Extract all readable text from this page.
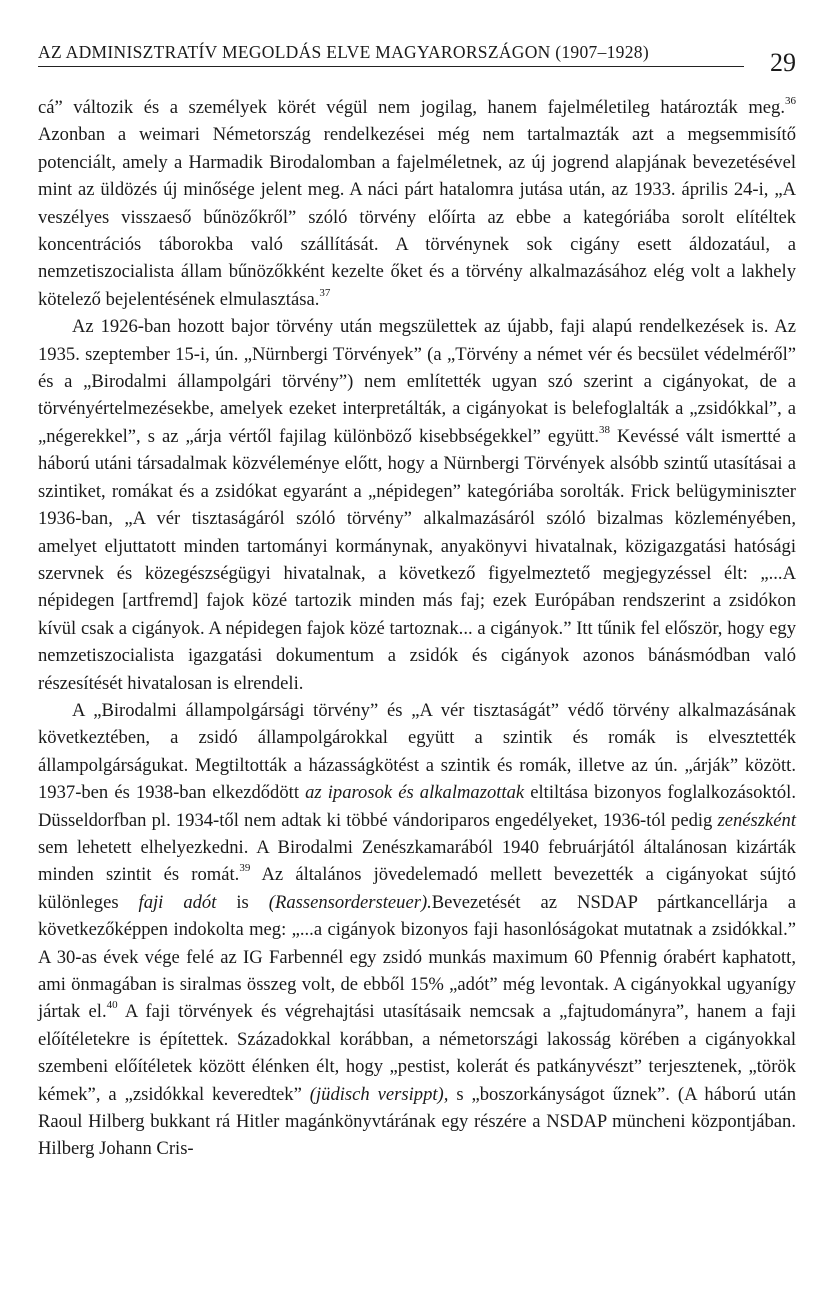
AZ ADMINISZTRATÍV MEGOLDÁS ELVE MAGYARORSZÁGON (1907–1928)	29

cá” változik és a személyek körét végül nem jogilag, hanem fajelméletileg határozták meg.$^{36}$ Azonban a weimari Németország rendelkezései még nem tartalmazták azt a megsemmisítő potenciált, amely a Harmadik Birodalomban a fajelméletnek, az új jogrend alapjának bevezetésével mint az üldözés új minősége jelent meg. A náci párt hatalomra jutása után, az 1933. április 24-i, „A veszélyes visszaeső bűnözőkről” szóló törvény előírta az ebbe a kategóriába sorolt elítéltek koncentrációs táborokba való szállítását. A törvénynek sok cigány esett áldozatául, a nemzetiszocialista állam bűnözőkként kezelte őket és a törvény alkalmazásához elég volt a lakhely kötelező bejelentésének elmulasztása.$^{37}$

Az 1926-ban hozott bajor törvény után megszülettek az újabb, faji alapú rendelkezések is. Az 1935. szeptember 15-i, ún. „Nürnbergi Törvények” (a „Törvény a német vér és becsület védelméről” és a „Birodalmi állampolgári törvény”) nem említették ugyan szó szerint a cigányokat, de a törvényértelmezésekbe, amelyek ezeket interpretálták, a cigányokat is belefoglalták a „zsidókkal”, a „négerekkel”, s az „árja vértől fajilag különböző kisebbségekkel” együtt.$^{38}$ Kevéssé vált ismertté a háború utáni társadalmak közvéleménye előtt, hogy a Nürnbergi Törvények alsóbb szintű utasításai a szintiket, romákat és a zsidókat egyaránt a „népidegen” kategóriába sorolták. Frick belügyminiszter 1936-ban, „A vér tisztaságáról szóló törvény” alkalmazásáról szóló bizalmas közleményében, amelyet eljuttatott minden tartományi kormánynak, anyakönyvi hivatalnak, közigazgatási hatósági szervnek és közegészségügyi hivatalnak, a következő figyelmeztető megjegyzéssel élt: „...A népidegen [artfremd] fajok közé tartozik minden más faj; ezek Európában rendszerint a zsidókon kívül csak a cigányok. A népidegen fajok közé tartoznak... a cigányok.” Itt tűnik fel először, hogy egy nemzetiszocialista igazgatási dokumentum a zsidók és cigányok azonos bánásmódban való részesítését hivatalosan is elrendeli.

A „Birodalmi állampolgársági törvény” és „A vér tisztaságát” védő törvény alkalmazásának következtében, a zsidó állampolgárokkal együtt a szintik és romák is elvesztették állampolgárságukat. Megtiltották a házasságkötést a szintik és romák, illetve az ún. „árják” között. 1937-ben és 1938-ban elkezdődött az iparosok és alkalmazottak eltiltása bizonyos foglalkozásoktól. Düsseldorfban pl. 1934-től nem adtak ki többé vándoriparos engedélyeket, 1936-tól pedig zenészként sem lehetett elhelyezkedni. A Birodalmi Zenészkamarából 1940 februárjától általánosan kizárták minden szintit és romát.$^{39}$ Az általános jövedelemadó mellett bevezették a cigányokat sújtó különleges faji adót is (Rassensordersteuer).Bevezetését az NSDAP pártkancellárja a következőképpen indokolta meg: „...a cigányok bizonyos faji hasonlóságokat mutatnak a zsidókkal.” A 30-as évek vége felé az IG Farbennél egy zsidó munkás maximum 60 Pfennig órabért kaphatott, ami önmagában is siralmas összeg volt, de ebből 15% „adót” még levontak. A cigányokkal ugyanígy jártak el.$^{40}$ A faji törvények és végrehajtási utasításaik nemcsak a „fajtudományra”, hanem a faji előítéletekre is építettek. Századokkal korábban, a németországi lakosság körében a cigányokkal szembeni előítéletek között élénken élt, hogy „pestist, kolerát és patkányvészt” terjesztenek, „török kémek”, a „zsidókkal keveredtek” (jüdisch versippt), s „boszorkányságot űznek”. (A háború után Raoul Hilberg bukkant rá Hitler magánkönyvtárának egy részére a NSDAP müncheni központjában. Hilberg Johann Cris-
